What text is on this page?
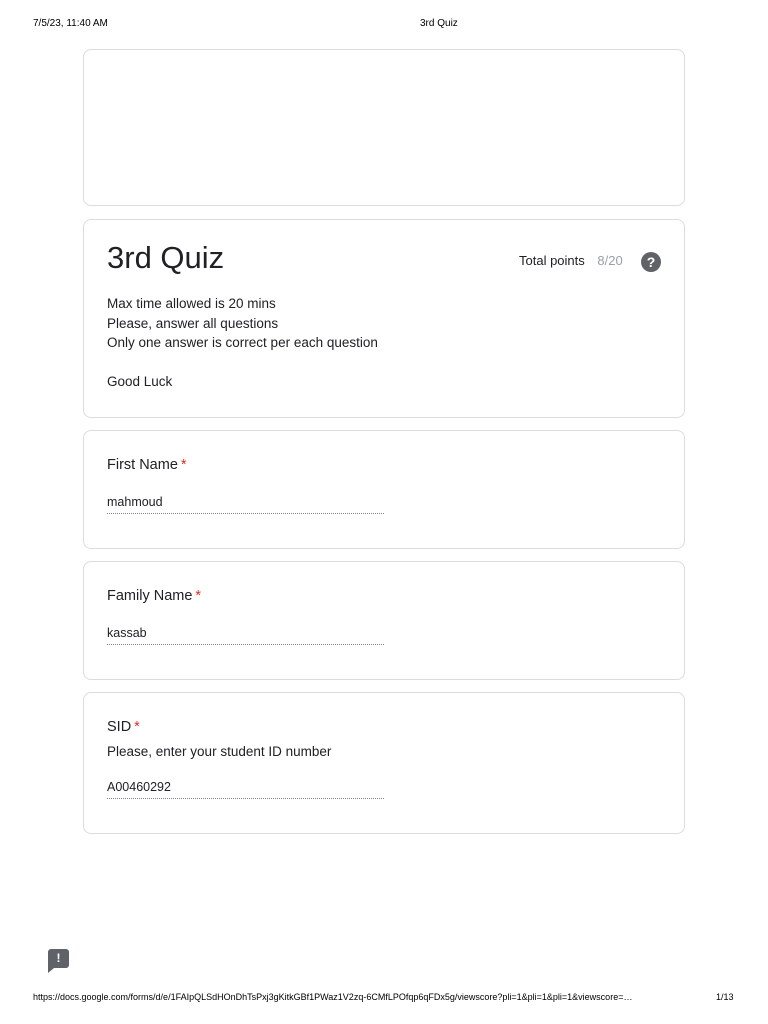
7/5/23, 11:40 AM	3rd Quiz
3rd Quiz	Total points 8/20	?
Max time allowed is 20 mins
Please, answer all questions
Only one answer is correct per each question
Good Luck
First Name *
mahmoud
Family Name *
kassab
SID *
Please, enter your student ID number
A00460292
!
https://docs.google.com/forms/d/e/1FAIpQLSdHOnDhTsPxj3gKitkGBf1PWaz1V2zq-6CMfLPOfqp6qFDx5g/viewscore?pli=1&pli=1&pli=1&viewscore=…	1/13
